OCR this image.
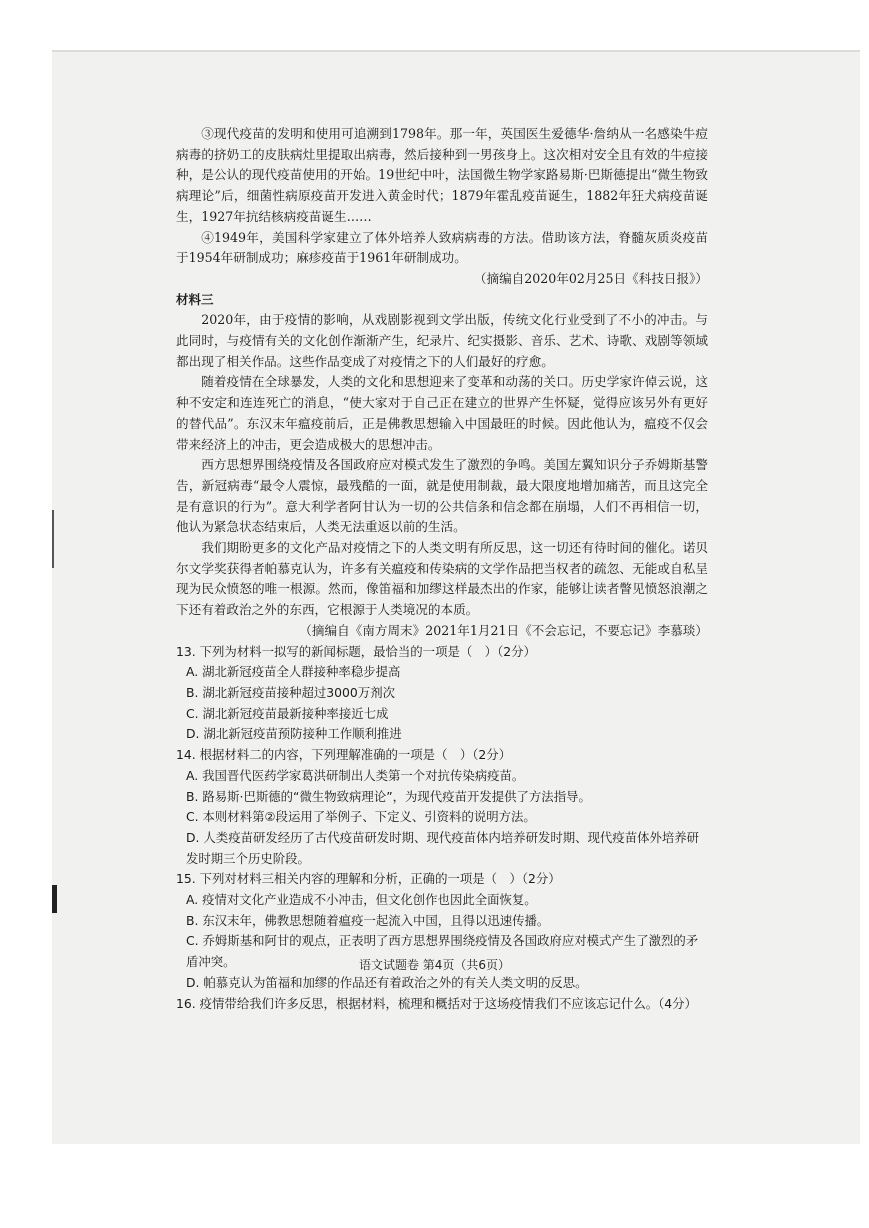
③现代疫苗的发明和使用可追溯到1798年。那一年，英国医生爱德华·詹纳从一名感染牛痘病毒的挤奶工的皮肤病灶里提取出病毒，然后接种到一男孩身上。这次相对安全且有效的牛痘接种，是公认的现代疫苗使用的开始。19世纪中叶，法国微生物学家路易斯·巴斯德提出“微生物致病理论”后，细菌性病原疫苗开发进入黄金时代；1879年霍乱疫苗诞生，1882年狂犬病疫苗诞生，1927年抗结核病疫苗诞生……

④1949年，美国科学家建立了体外培养人致病病毒的方法。借助该方法，脊髓灰质炎疫苗于1954年研制成功；麻疹疫苗于1961年研制成功。

（摘编自2020年02月25日《科技日报》）

材料三

2020年，由于疫情的影响，从戏剧影视到文学出版，传统文化行业受到了不小的冲击。与此同时，与疫情有关的文化创作渐渐产生，纪录片、纪实摄影、音乐、艺术、诗歌、戏剧等领域都出现了相关作品。这些作品变成了对疫情之下的人们最好的疗愈。

随着疫情在全球暴发，人类的文化和思想迎来了变革和动荡的关口。历史学家许倬云说，这种不安定和连连死亡的消息，“使大家对于自己正在建立的世界产生怀疑，觉得应该另外有更好的替代品”。东汉末年瘟疫前后，正是佛教思想输入中国最旺的时候。因此他认为，瘟疫不仅会带来经济上的冲击，更会造成极大的思想冲击。

西方思想界围绕疫情及各国政府应对模式发生了激烈的争鸣。美国左翼知识分子乔姆斯基警告，新冠病毒“最令人震惊，最残酷的一面，就是使用制裁，最大限度地增加痛苦，而且这完全是有意识的行为”。意大利学者阿甘认为一切的公共信条和信念都在崩塌，人们不再相信一切，他认为紧急状态结束后，人类无法重返以前的生活。

我们期盼更多的文化产品对疫情之下的人类文明有所反思，这一切还有待时间的催化。诺贝尔文学奖获得者帕慕克认为，许多有关瘟疫和传染病的文学作品把当权者的疏忽、无能或自私呈现为民众愤怒的唯一根源。然而，像笛福和加缪这样最杰出的作家，能够让读者瞥见愤怒浪潮之下还有着政治之外的东西，它根源于人类境况的本质。

（摘编自《南方周末》2021年1月21日《不会忘记，不要忘记》李慕琰）

13. 下列为材料一拟写的新闻标题，最恰当的一项是（　）（2分）

A. 湖北新冠疫苗全人群接种率稳步提高

B. 湖北新冠疫苗接种超过3000万剂次

C. 湖北新冠疫苗最新接种率接近七成

D. 湖北新冠疫苗预防接种工作顺利推进

14. 根据材料二的内容，下列理解准确的一项是（　）（2分）

A. 我国晋代医药学家葛洪研制出人类第一个对抗传染病疫苗。

B. 路易斯·巴斯德的“微生物致病理论”，为现代疫苗开发提供了方法指导。

C. 本则材料第②段运用了举例子、下定义、引资料的说明方法。

D. 人类疫苗研发经历了古代疫苗研发时期、现代疫苗体内培养研发时期、现代疫苗体外培养研发时期三个历史阶段。

15. 下列对材料三相关内容的理解和分析，正确的一项是（　）（2分）

A. 疫情对文化产业造成不小冲击，但文化创作也因此全面恢复。

B. 东汉末年，佛教思想随着瘟疫一起流入中国，且得以迅速传播。

C. 乔姆斯基和阿甘的观点，正表明了西方思想界围绕疫情及各国政府应对模式产生了激烈的矛盾冲突。

D. 帕慕克认为笛福和加缪的作品还有着政治之外的有关人类文明的反思。

16. 疫情带给我们许多反思，根据材料，梳理和概括对于这场疫情我们不应该忘记什么。（4分）

语文试题卷 第4页（共6页）
